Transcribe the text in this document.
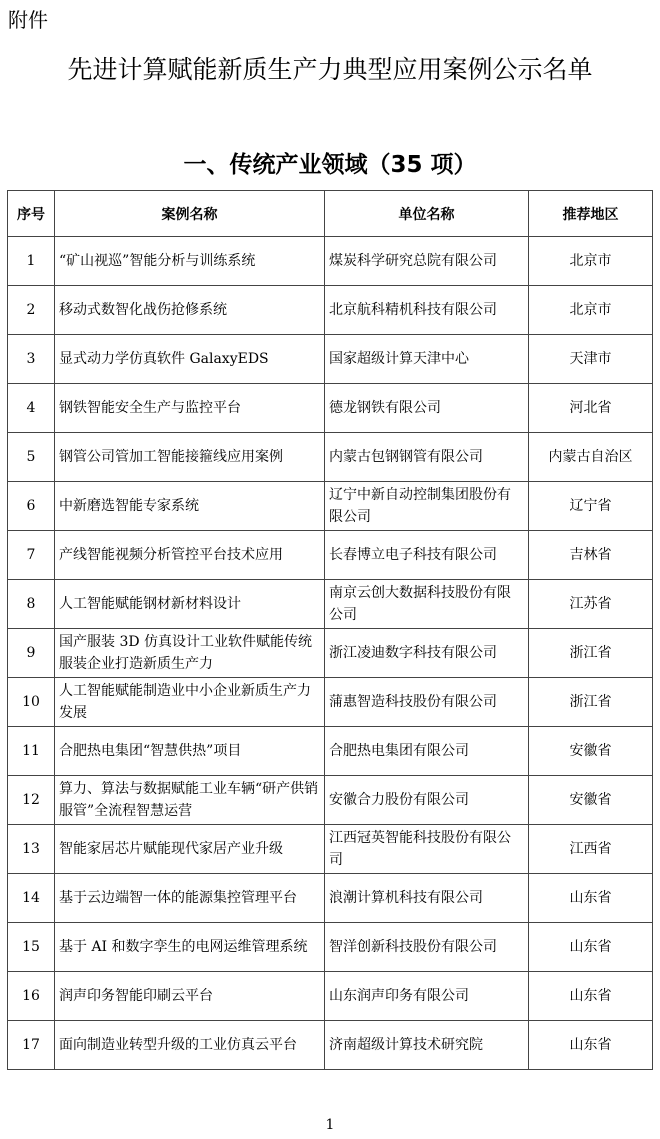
附件
先进计算赋能新质生产力典型应用案例公示名单
一、传统产业领域（35 项）
序号	案例名称	单位名称	推荐地区
1	“矿山视巡”智能分析与训练系统	煤炭科学研究总院有限公司	北京市
2	移动式数智化战伤抢修系统	北京航科精机科技有限公司	北京市
3	显式动力学仿真软件 GalaxyEDS	国家超级计算天津中心	天津市
4	钢铁智能安全生产与监控平台	德龙钢铁有限公司	河北省
5	钢管公司管加工智能接箍线应用案例	内蒙古包钢钢管有限公司	内蒙古自治区
6	中新磨选智能专家系统	辽宁中新自动控制集团股份有限公司	辽宁省
7	产线智能视频分析管控平台技术应用	长春博立电子科技有限公司	吉林省
8	人工智能赋能钢材新材料设计	南京云创大数据科技股份有限公司	江苏省
9	国产服装 3D 仿真设计工业软件赋能传统服装企业打造新质生产力	浙江凌迪数字科技有限公司	浙江省
10	人工智能赋能制造业中小企业新质生产力发展	蒲惠智造科技股份有限公司	浙江省
11	合肥热电集团“智慧供热”项目	合肥热电集团有限公司	安徽省
12	算力、算法与数据赋能工业车辆“研产供销服管”全流程智慧运营	安徽合力股份有限公司	安徽省
13	智能家居芯片赋能现代家居产业升级	江西冠英智能科技股份有限公司	江西省
14	基于云边端智一体的能源集控管理平台	浪潮计算机科技有限公司	山东省
15	基于 AI 和数字孪生的电网运维管理系统	智洋创新科技股份有限公司	山东省
16	润声印务智能印刷云平台	山东润声印务有限公司	山东省
17	面向制造业转型升级的工业仿真云平台	济南超级计算技术研究院	山东省
1
